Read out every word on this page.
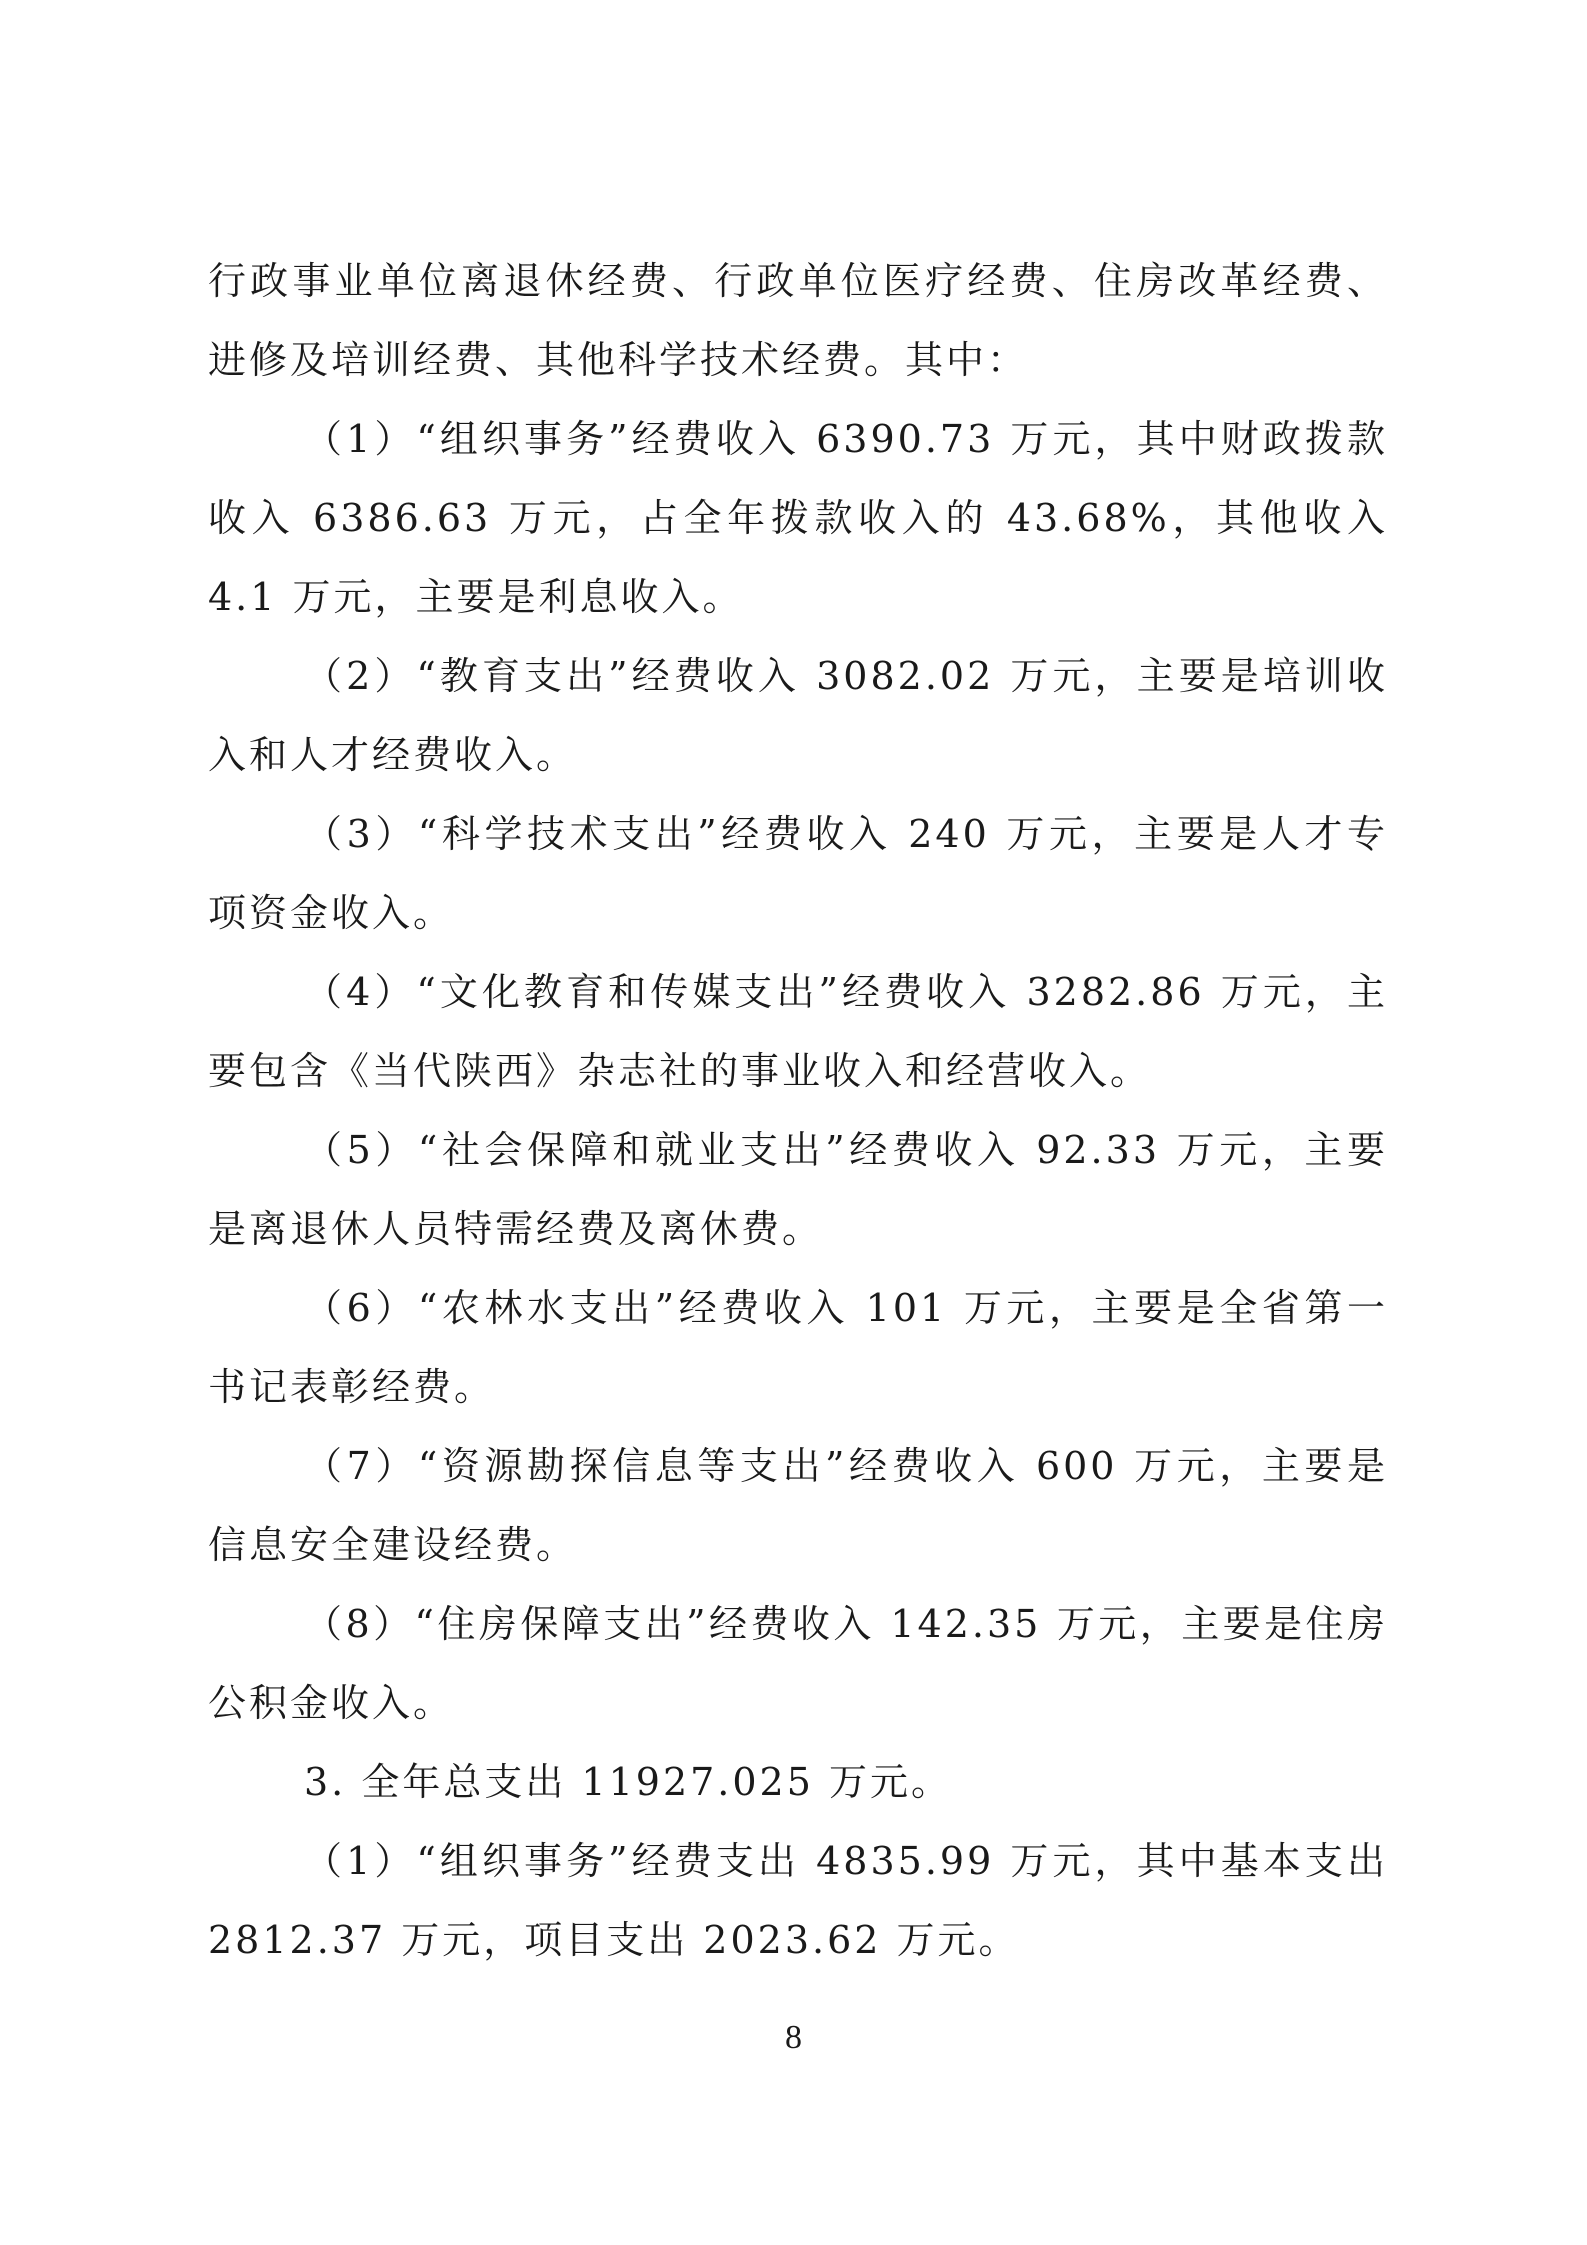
行政事业单位离退休经费、行政单位医疗经费、住房改革经费、进修及培训经费、其他科学技术经费。其中：

（1）“组织事务”经费收入 6390.73 万元，其中财政拨款收入 6386.63 万元，占全年拨款收入的 43.68%，其他收入 4.1 万元，主要是利息收入。

（2）“教育支出”经费收入 3082.02 万元，主要是培训收入和人才经费收入。

（3）“科学技术支出”经费收入 240 万元，主要是人才专项资金收入。

（4）“文化教育和传媒支出”经费收入 3282.86 万元，主要包含《当代陕西》杂志社的事业收入和经营收入。

（5）“社会保障和就业支出”经费收入 92.33 万元，主要是离退休人员特需经费及离休费。

（6）“农林水支出”经费收入 101 万元，主要是全省第一书记表彰经费。

（7）“资源勘探信息等支出”经费收入 600 万元，主要是信息安全建设经费。

（8）“住房保障支出”经费收入 142.35 万元，主要是住房公积金收入。

3. 全年总支出 11927.025 万元。

（1）“组织事务”经费支出 4835.99 万元，其中基本支出 2812.37 万元，项目支出 2023.62 万元。

8
